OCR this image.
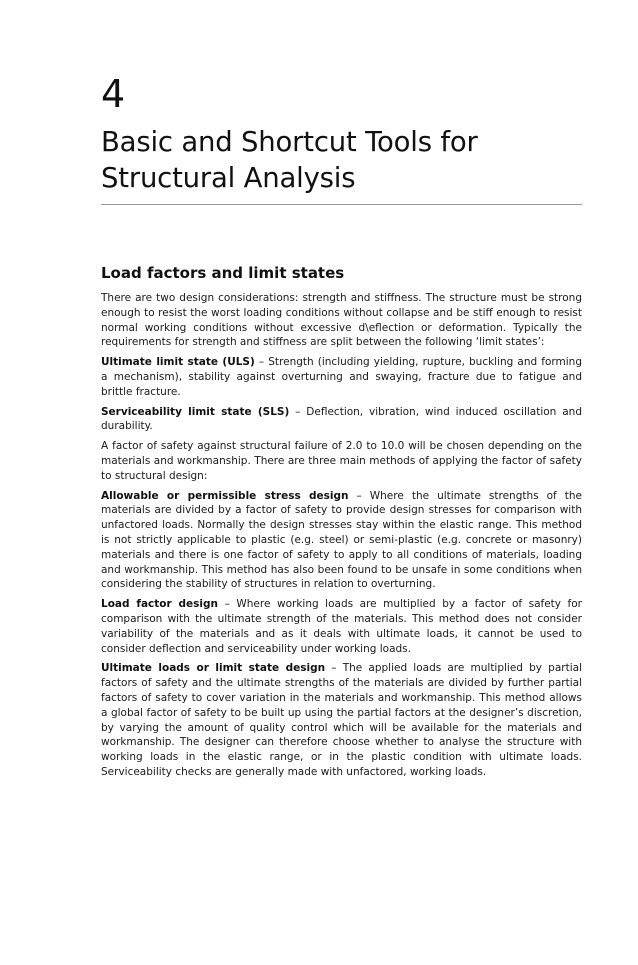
4
Basic and Shortcut Tools for
Structural Analysis
Load factors and limit states

There are two design considerations: strength and stiffness. The structure must be strong enough to resist the worst loading conditions without collapse and be stiff enough to resist normal working conditions without excessive d\eflection or deformation. Typically the requirements for strength and stiffness are split between the following ‘limit states’:

Ultimate limit state (ULS) – Strength (including yielding, rupture, buckling and forming a mechanism), stability against overturning and swaying, fracture due to fatigue and brittle fracture.

Serviceability limit state (SLS) – Deflection, vibration, wind induced oscillation and durability.

A factor of safety against structural failure of 2.0 to 10.0 will be chosen depending on the materials and workmanship. There are three main methods of applying the factor of safety to structural design:

Allowable or permissible stress design – Where the ultimate strengths of the materials are divided by a factor of safety to provide design stresses for comparison with unfactored loads. Normally the design stresses stay within the elastic range. This method is not strictly applicable to plastic (e.g. steel) or semi-plastic (e.g. concrete or masonry) materials and there is one factor of safety to apply to all conditions of materials, loading and workmanship. This method has also been found to be unsafe in some conditions when considering the stability of structures in relation to overturning.

Load factor design – Where working loads are multiplied by a factor of safety for comparison with the ultimate strength of the materials. This method does not consider variability of the materials and as it deals with ultimate loads, it cannot be used to consider deflection and serviceability under working loads.

Ultimate loads or limit state design – The applied loads are multiplied by partial factors of safety and the ultimate strengths of the materials are divided by further partial factors of safety to cover variation in the materials and workmanship. This method allows a global factor of safety to be built up using the partial factors at the designer’s discretion, by varying the amount of quality control which will be available for the materials and workmanship. The designer can therefore choose whether to analyse the structure with working loads in the elastic range, or in the plastic condition with ultimate loads. Serviceability checks are generally made with unfactored, working loads.
